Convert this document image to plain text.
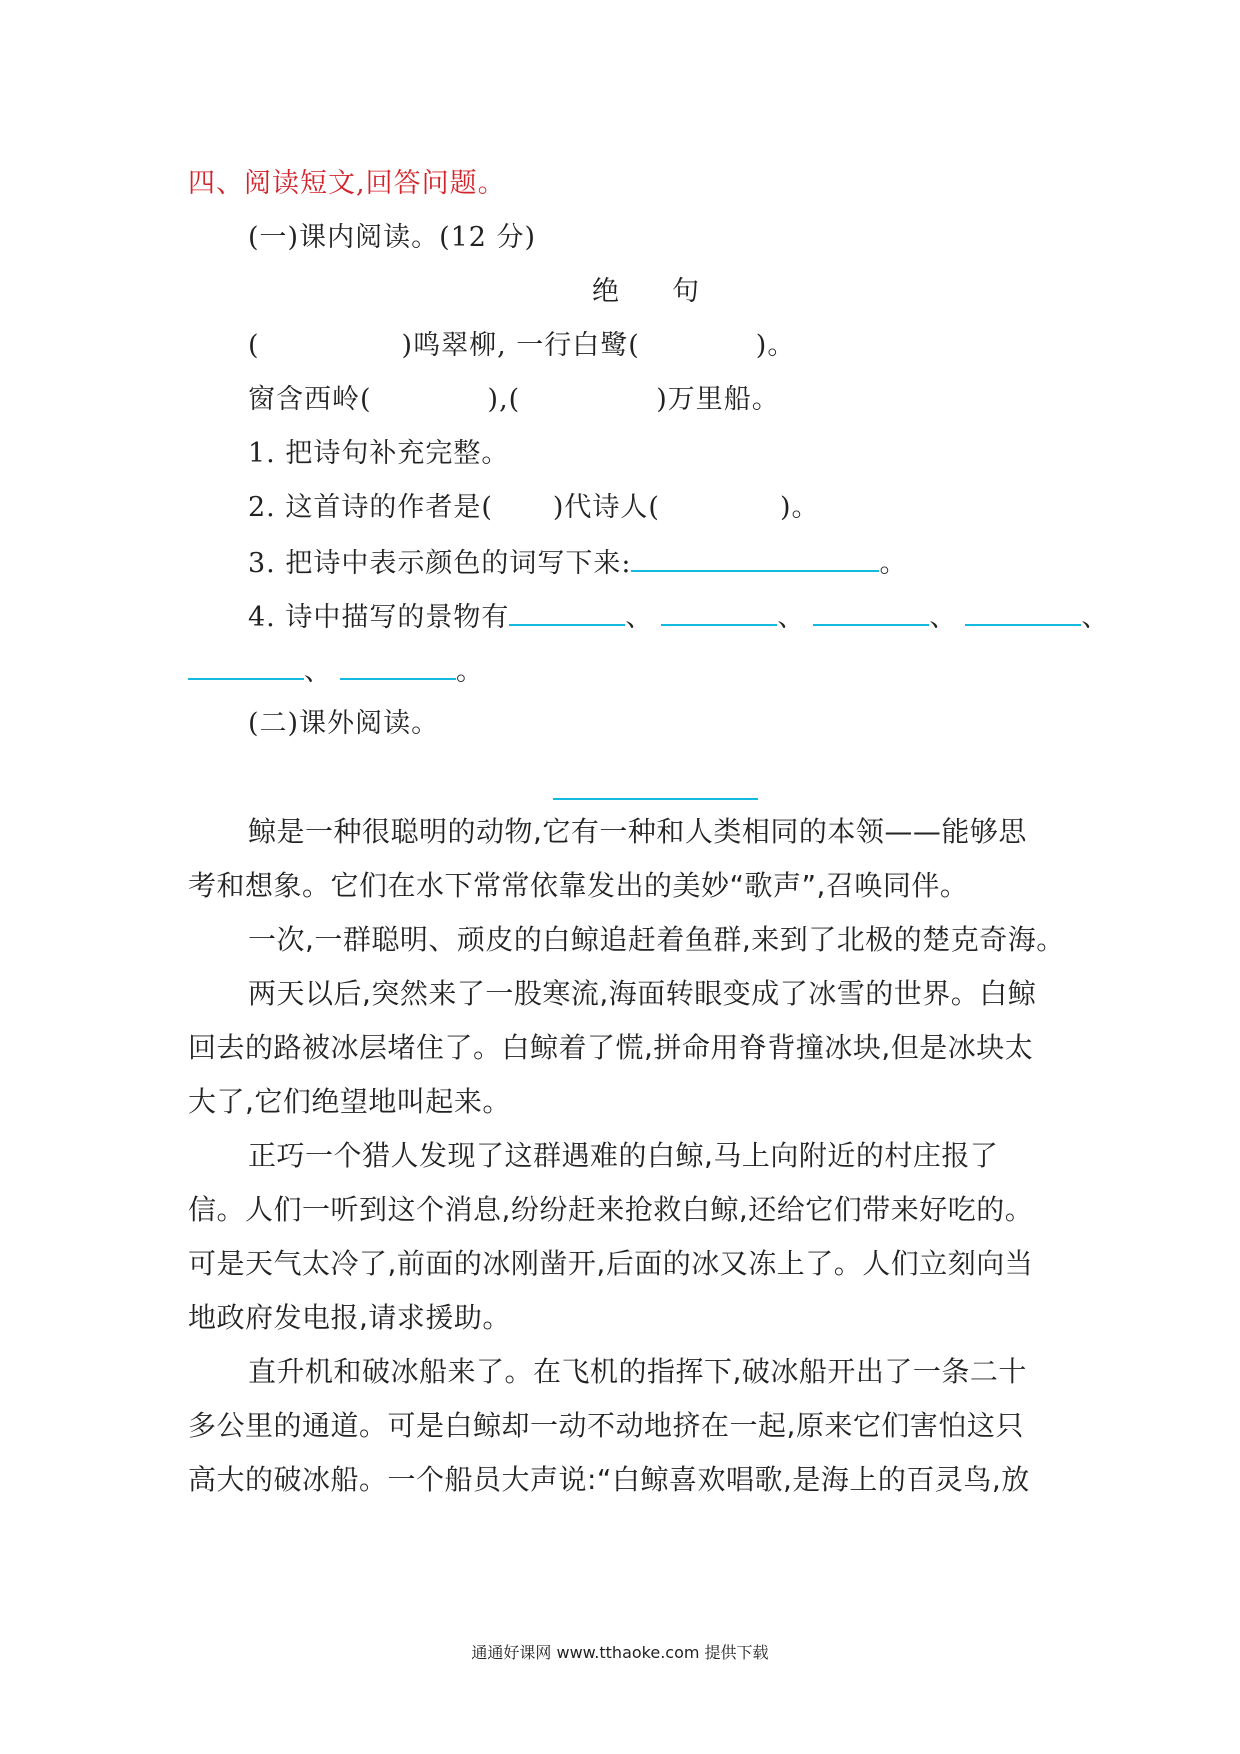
四、阅读短文,回答问题。
(一)课内阅读。(12 分)
绝 句
(	)鸣翠柳, 一行白鹭(	)。
窗含西岭(	),(	)万里船。
1. 把诗句补充完整。
2. 这首诗的作者是( )代诗人(	)。
3. 把诗中表示颜色的词写下来:	。
4. 诗中描写的景物有	、	、	、	、
、	。
(二)课外阅读。
鲸是一种很聪明的动物,它有一种和人类相同的本领——能够思
考和想象。它们在水下常常依靠发出的美妙“歌声”,召唤同伴。
一次,一群聪明、顽皮的白鲸追赶着鱼群,来到了北极的楚克奇海。
两天以后,突然来了一股寒流,海面转眼变成了冰雪的世界。白鲸
回去的路被冰层堵住了。白鲸着了慌,拼命用脊背撞冰块,但是冰块太
大了,它们绝望地叫起来。
正巧一个猎人发现了这群遇难的白鲸,马上向附近的村庄报了
信。人们一听到这个消息,纷纷赶来抢救白鲸,还给它们带来好吃的。
可是天气太冷了,前面的冰刚凿开,后面的冰又冻上了。人们立刻向当
地政府发电报,请求援助。
直升机和破冰船来了。在飞机的指挥下,破冰船开出了一条二十
多公里的通道。可是白鲸却一动不动地挤在一起,原来它们害怕这只
高大的破冰船。一个船员大声说:“白鲸喜欢唱歌,是海上的百灵鸟,放
通通好课网 www.tthaoke.com 提供下载
